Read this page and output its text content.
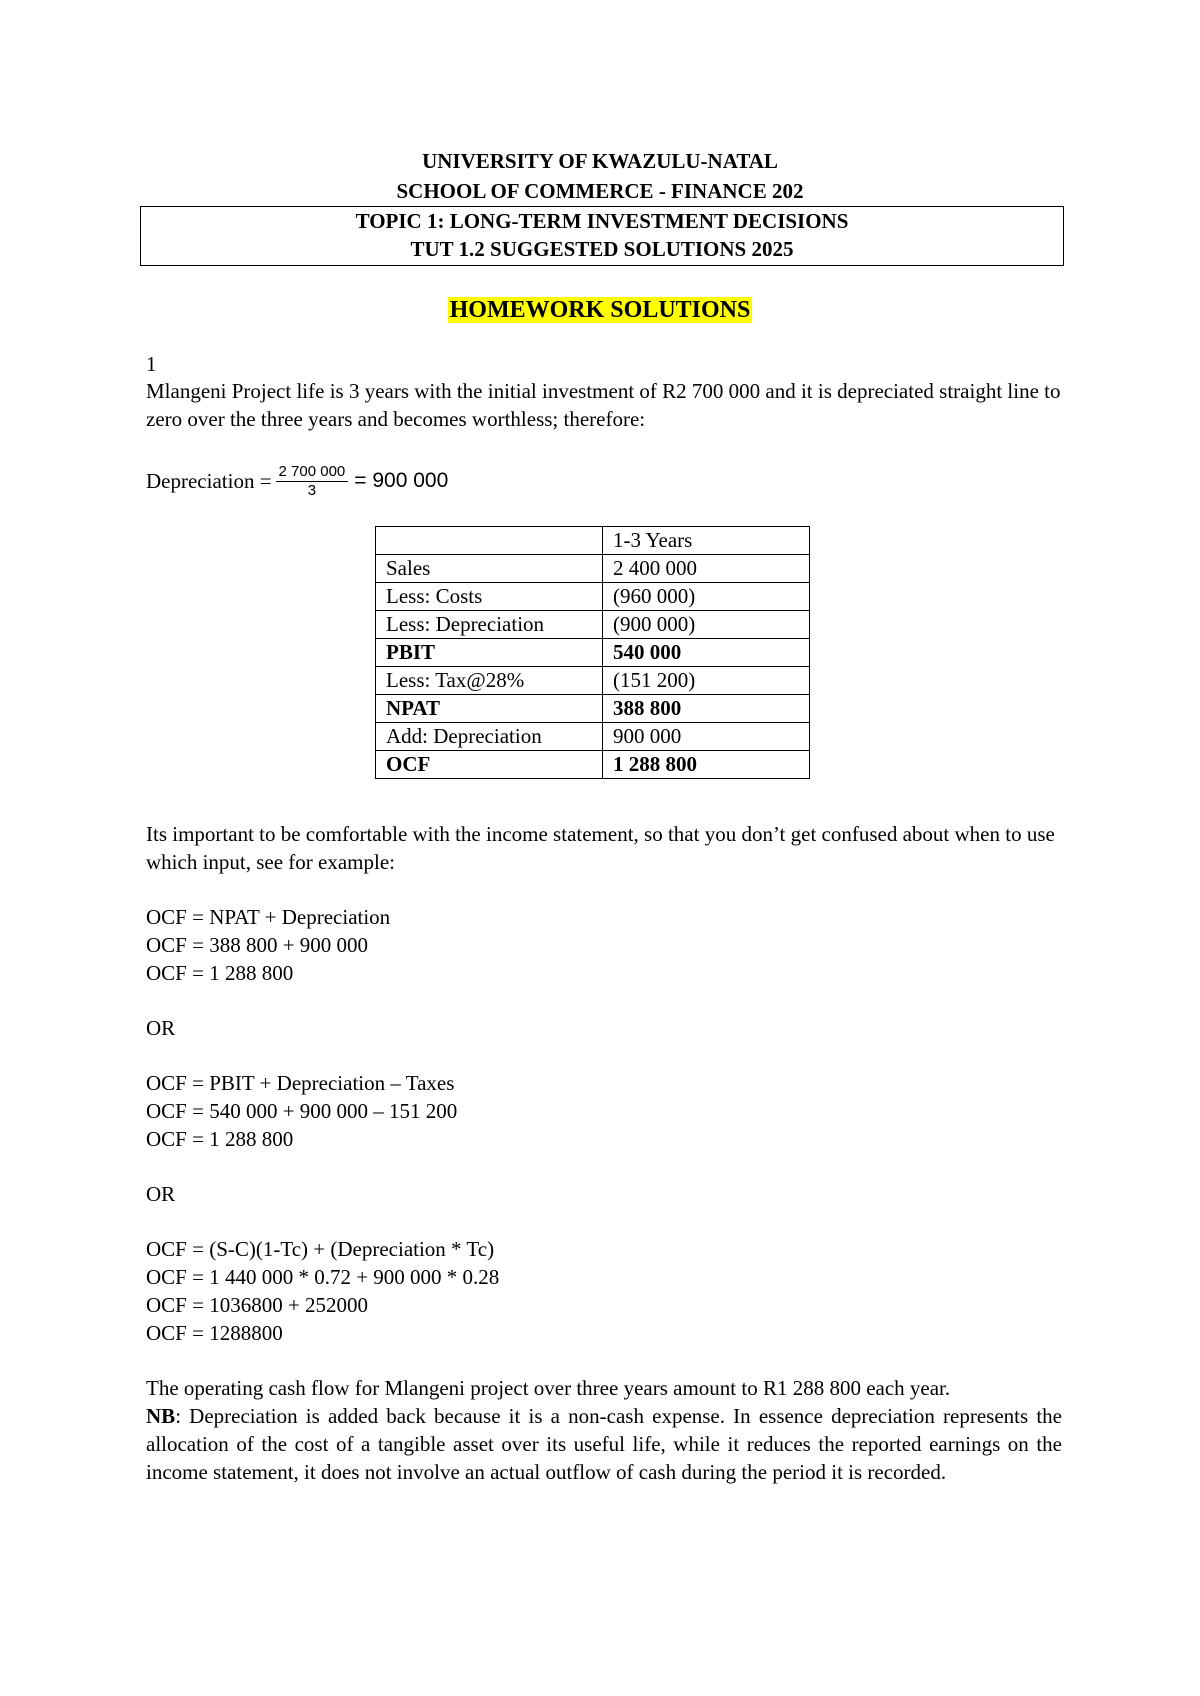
UNIVERSITY OF KWAZULU-NATAL
SCHOOL OF COMMERCE - FINANCE 202
TOPIC 1: LONG-TERM INVESTMENT DECISIONS
TUT 1.2 SUGGESTED SOLUTIONS 2025
HOMEWORK SOLUTIONS
1
Mlangeni Project life is 3 years with the initial investment of R2 700 000 and it is depreciated straight line to zero over the three years and becomes worthless; therefore:
Depreciation = $\frac{2 700 000}{3} = 900$ 000
	1-3 Years
Sales	2 400 000
Less: Costs	(960 000)
Less: Depreciation	(900 000)
PBIT	540 000
Less: Tax@28%	(151 200)
NPAT	388 800
Add: Depreciation	900 000
OCF	1 288 800
Its important to be comfortable with the income statement, so that you don’t get confused about when to use which input, see for example:
OCF = NPAT + Depreciation
OCF = 388 800 + 900 000
OCF = 1 288 800
OR
OCF = PBIT + Depreciation – Taxes
OCF = 540 000 + 900 000 – 151 200
OCF = 1 288 800
OR
OCF = (S-C)(1-Tc) + (Depreciation * Tc)
OCF = 1 440 000 * 0.72 + 900 000 * 0.28
OCF = 1036800 + 252000
OCF = 1288800
The operating cash flow for Mlangeni project over three years amount to R1 288 800 each year.
NB: Depreciation is added back because it is a non-cash expense. In essence depreciation represents the allocation of the cost of a tangible asset over its useful life, while it reduces the reported earnings on the income statement, it does not involve an actual outflow of cash during the period it is recorded.
